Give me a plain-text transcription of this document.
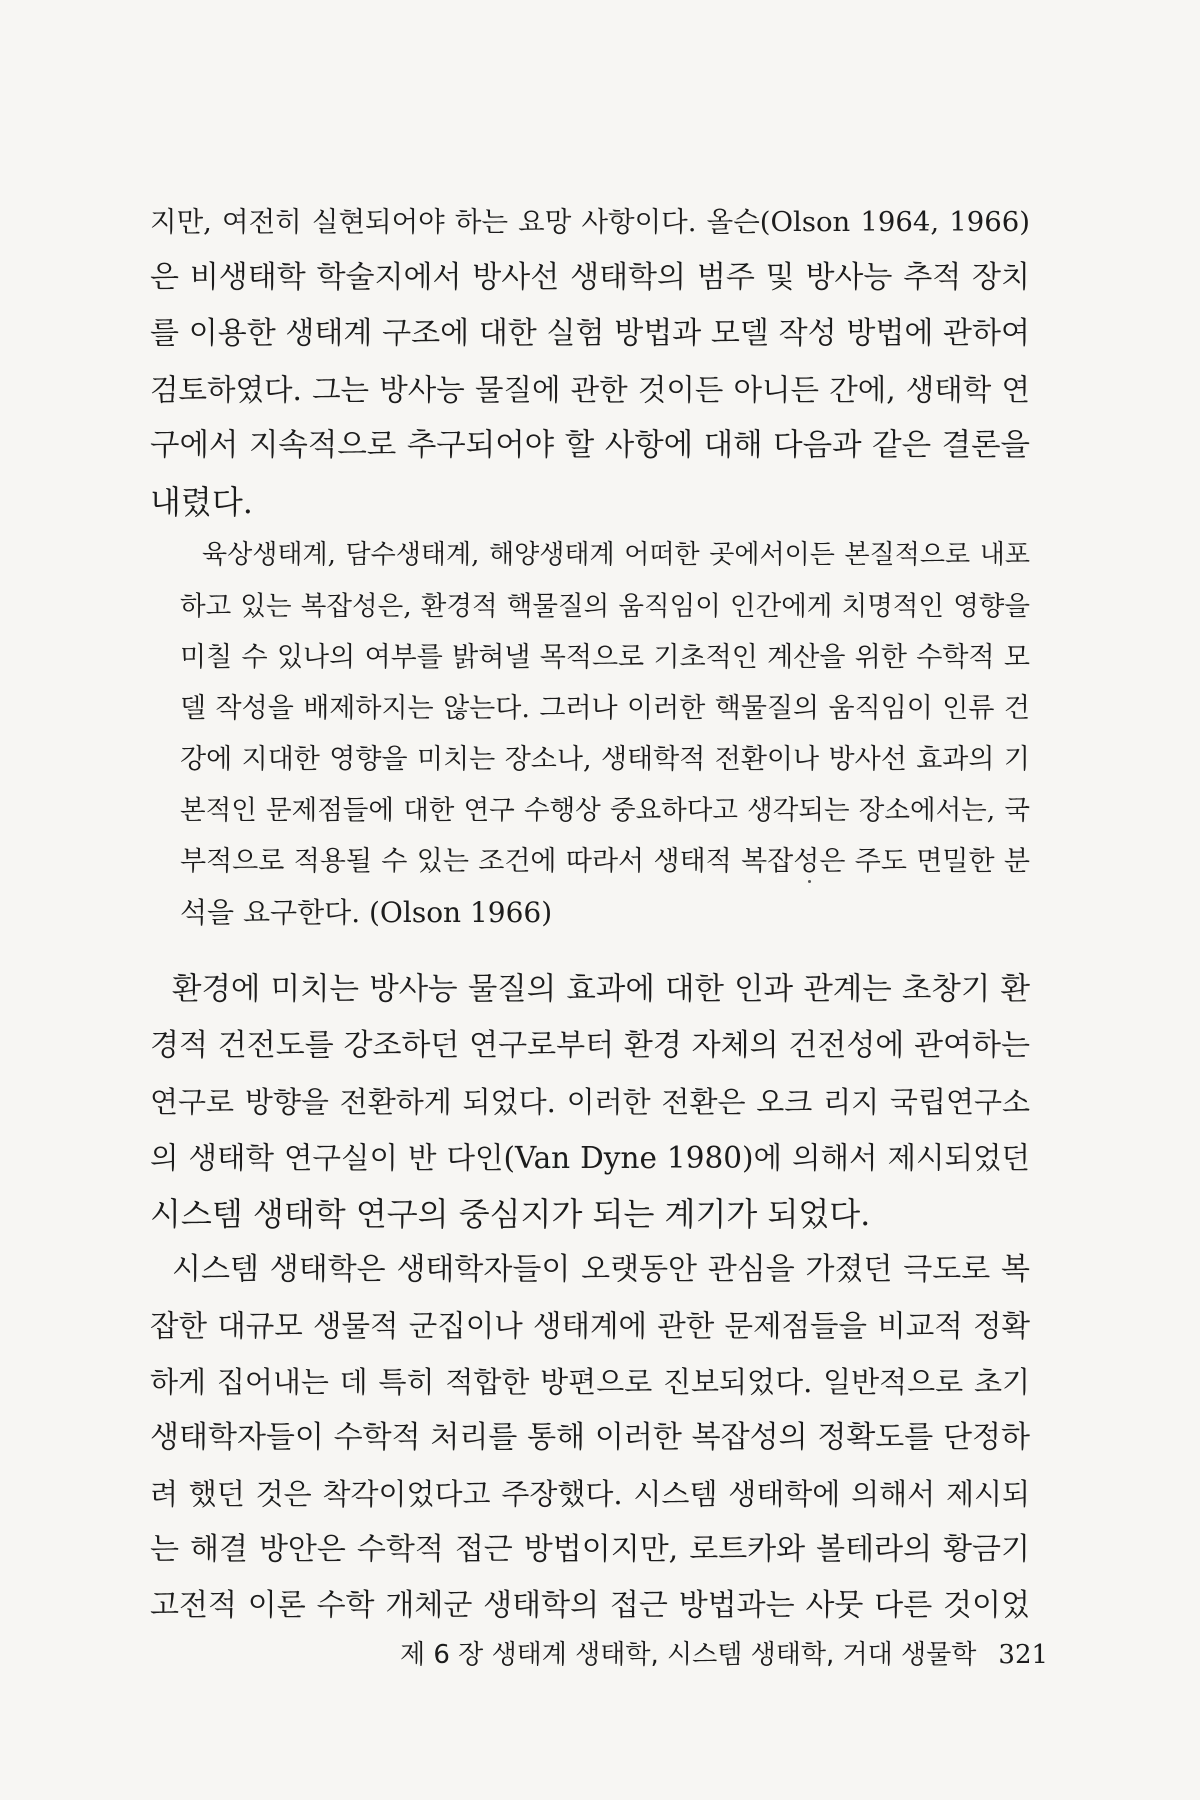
지만, 여전히 실현되어야 하는 요망 사항이다. 올슨(Olson 1964, 1966)
은 비생태학 학술지에서 방사선 생태학의 범주 및 방사능 추적 장치
를 이용한 생태계 구조에 대한 실험 방법과 모델 작성 방법에 관하여
검토하였다. 그는 방사능 물질에 관한 것이든 아니든 간에, 생태학 연
구에서 지속적으로 추구되어야 할 사항에 대해 다음과 같은 결론을
내렸다.
육상생태계, 담수생태계, 해양생태계 어떠한 곳에서이든 본질적으로 내포
하고 있는 복잡성은, 환경적 핵물질의 움직임이 인간에게 치명적인 영향을
미칠 수 있나의 여부를 밝혀낼 목적으로 기초적인 계산을 위한 수학적 모
델 작성을 배제하지는 않는다. 그러나 이러한 핵물질의 움직임이 인류 건
강에 지대한 영향을 미치는 장소나, 생태학적 전환이나 방사선 효과의 기
본적인 문제점들에 대한 연구 수행상 중요하다고 생각되는 장소에서는, 국
부적으로 적용될 수 있는 조건에 따라서 생태적 복잡성은 주도 면밀한 분
석을 요구한다. (Olson 1966)
환경에 미치는 방사능 물질의 효과에 대한 인과 관계는 초창기 환
경적 건전도를 강조하던 연구로부터 환경 자체의 건전성에 관여하는
연구로 방향을 전환하게 되었다. 이러한 전환은 오크 리지 국립연구소
의 생태학 연구실이 반 다인(Van Dyne 1980)에 의해서 제시되었던
시스템 생태학 연구의 중심지가 되는 계기가 되었다.
시스템 생태학은 생태학자들이 오랫동안 관심을 가졌던 극도로 복
잡한 대규모 생물적 군집이나 생태계에 관한 문제점들을 비교적 정확
하게 집어내는 데 특히 적합한 방편으로 진보되었다. 일반적으로 초기
생태학자들이 수학적 처리를 통해 이러한 복잡성의 정확도를 단정하
려 했던 것은 착각이었다고 주장했다. 시스템 생태학에 의해서 제시되
는 해결 방안은 수학적 접근 방법이지만, 로트카와 볼테라의 황금기
고전적 이론 수학 개체군 생태학의 접근 방법과는 사뭇 다른 것이었
제 6 장 생태계 생태학, 시스템 생태학, 거대 생물학 321
